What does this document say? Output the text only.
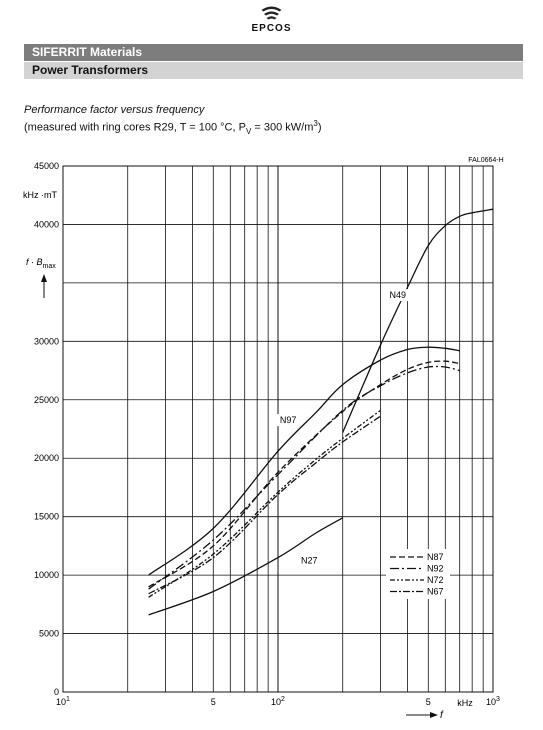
EPCOS
SIFERRIT Materials
Power Transformers
Performance factor versus frequency
(measured with ring cores R29, T = 100 °C, $P_V = 300$ $kW/m^3$)
0
5000
10000
15000
20000
25000
30000
40000
45000
$10^1$	5	$10^2$	5	$10^3$
N49
N97
N27
FAL0664-H
kHz ·mT
$f \cdot B_{max}$
kHz
f
N87
N92
N72
N67
